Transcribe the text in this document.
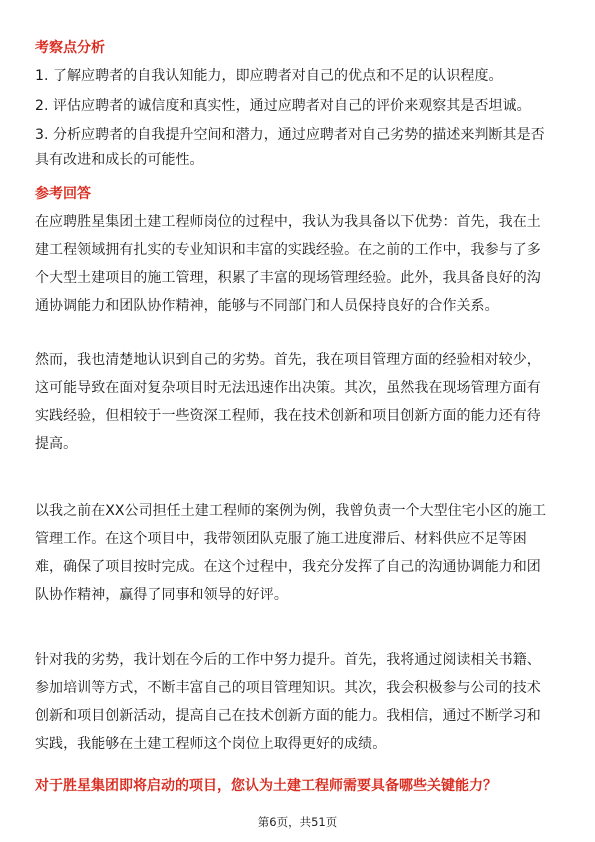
考察点分析
1. 了解应聘者的自我认知能力，即应聘者对自己的优点和不足的认识程度。
2. 评估应聘者的诚信度和真实性，通过应聘者对自己的评价来观察其是否坦诚。
3. 分析应聘者的自我提升空间和潜力，通过应聘者对自己劣势的描述来判断其是否
具有改进和成长的可能性。
参考回答
在应聘胜星集团土建工程师岗位的过程中，我认为我具备以下优势：首先，我在土
建工程领域拥有扎实的专业知识和丰富的实践经验。在之前的工作中，我参与了多
个大型土建项目的施工管理，积累了丰富的现场管理经验。此外，我具备良好的沟
通协调能力和团队协作精神，能够与不同部门和人员保持良好的合作关系。
然而，我也清楚地认识到自己的劣势。首先，我在项目管理方面的经验相对较少，
这可能导致在面对复杂项目时无法迅速作出决策。其次，虽然我在现场管理方面有
实践经验，但相较于一些资深工程师，我在技术创新和项目创新方面的能力还有待
提高。
以我之前在XX公司担任土建工程师的案例为例，我曾负责一个大型住宅小区的施工
管理工作。在这个项目中，我带领团队克服了施工进度滞后、材料供应不足等困
难，确保了项目按时完成。在这个过程中，我充分发挥了自己的沟通协调能力和团
队协作精神，赢得了同事和领导的好评。
针对我的劣势，我计划在今后的工作中努力提升。首先，我将通过阅读相关书籍、
参加培训等方式，不断丰富自己的项目管理知识。其次，我会积极参与公司的技术
创新和项目创新活动，提高自己在技术创新方面的能力。我相信，通过不断学习和
实践，我能够在土建工程师这个岗位上取得更好的成绩。
对于胜星集团即将启动的项目，您认为土建工程师需要具备哪些关键能力？
第6页，共51页
